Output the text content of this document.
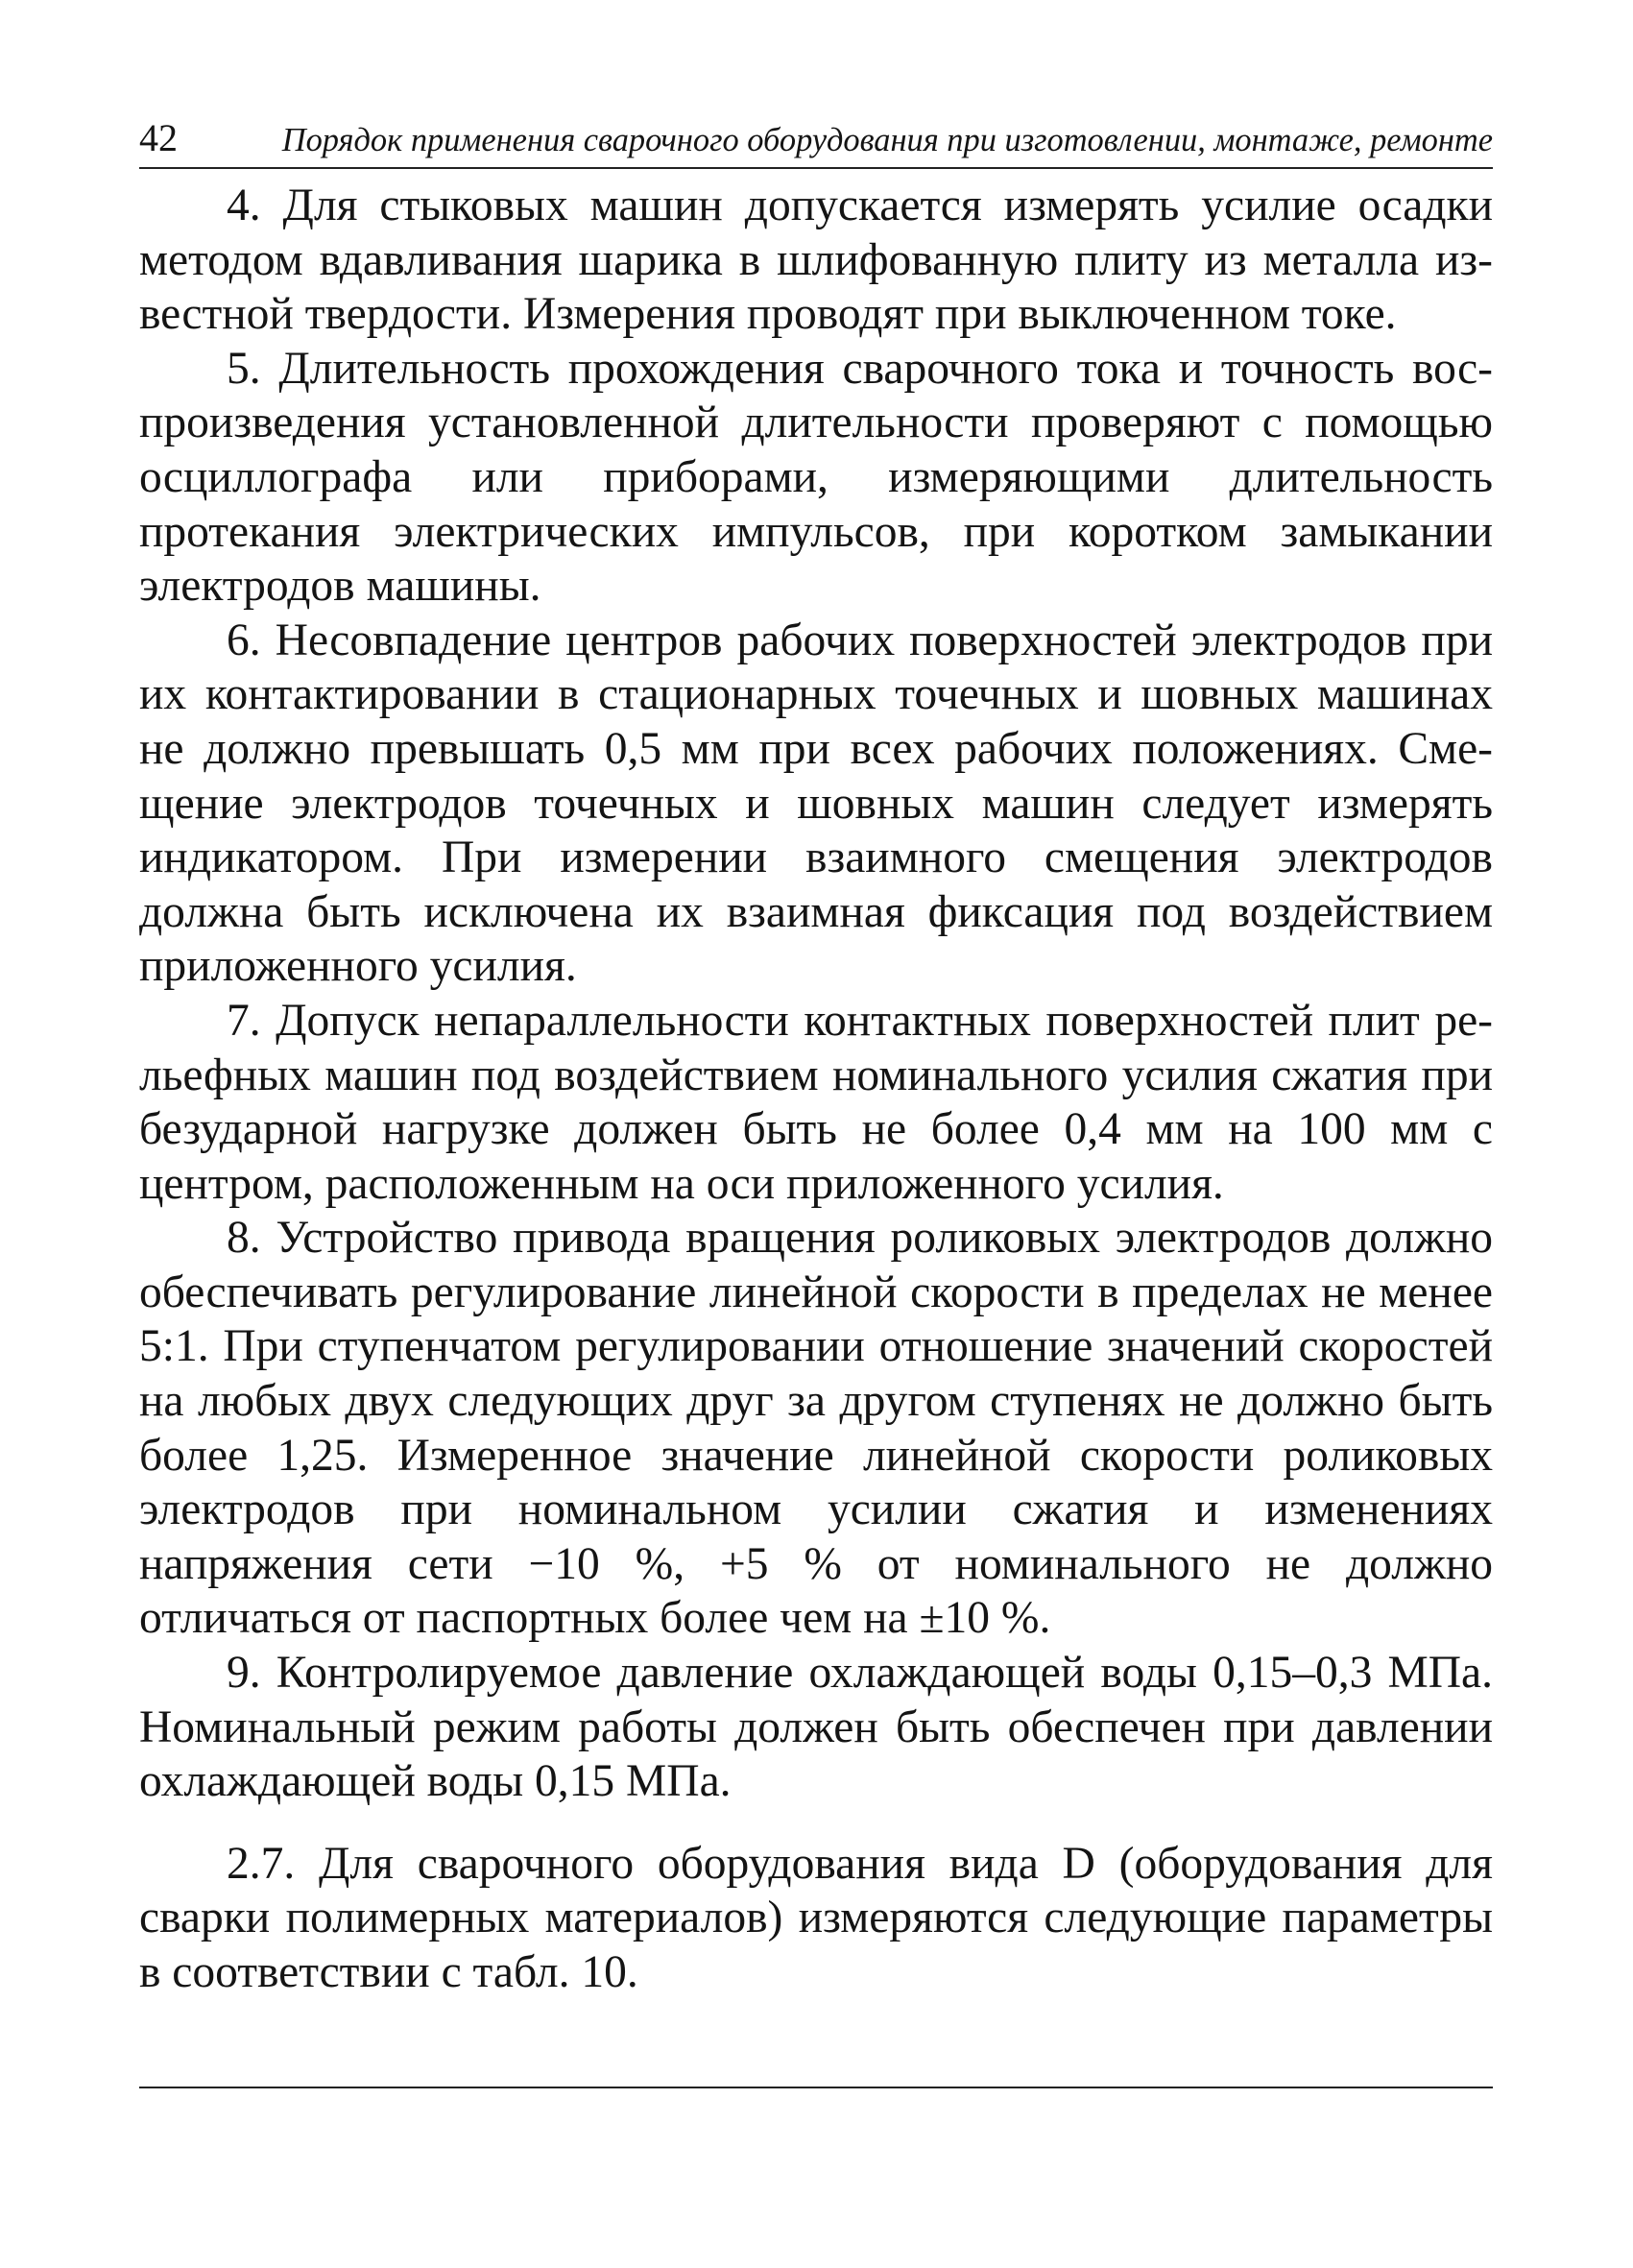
42	Порядок применения сварочного оборудования при изготовлении, монтаже, ремонте

4. Для стыковых машин допускается измерять усилие осадки методом вдавливания шарика в шлифованную плиту из металла известной твердости. Измерения проводят при выключенном токе.

5. Длительность прохождения сварочного тока и точность воспроизведения установленной длительности проверяют с помощью осциллографа или приборами, измеряющими длительность протекания электрических импульсов, при коротком замыкании электродов машины.

6. Несовпадение центров рабочих поверхностей электродов при их контактировании в стационарных точечных и шовных машинах не должно превышать 0,5 мм при всех рабочих положениях. Смещение электродов точечных и шовных машин следует измерять индикатором. При измерении взаимного смещения электродов должна быть исключена их взаимная фиксация под воздействием приложенного усилия.

7. Допуск непараллельности контактных поверхностей плит рельефных машин под воздействием номинального усилия сжатия при безударной нагрузке должен быть не более 0,4 мм на 100 мм с центром, расположенным на оси приложенного усилия.

8. Устройство привода вращения роликовых электродов должно обеспечивать регулирование линейной скорости в пределах не менее 5:1. При ступенчатом регулировании отношение значений скоростей на любых двух следующих друг за другом ступенях не должно быть более 1,25. Измеренное значение линейной скорости роликовых электродов при номинальном усилии сжатия и изменениях напряжения сети −10 %, +5 % от номинального не должно отличаться от паспортных более чем на ±10 %.

9. Контролируемое давление охлаждающей воды 0,15–0,3 МПа. Номинальный режим работы должен быть обеспечен при давлении охлаждающей воды 0,15 МПа.

2.7. Для сварочного оборудования вида D (оборудования для сварки полимерных материалов) измеряются следующие параметры в соответствии с табл. 10.
